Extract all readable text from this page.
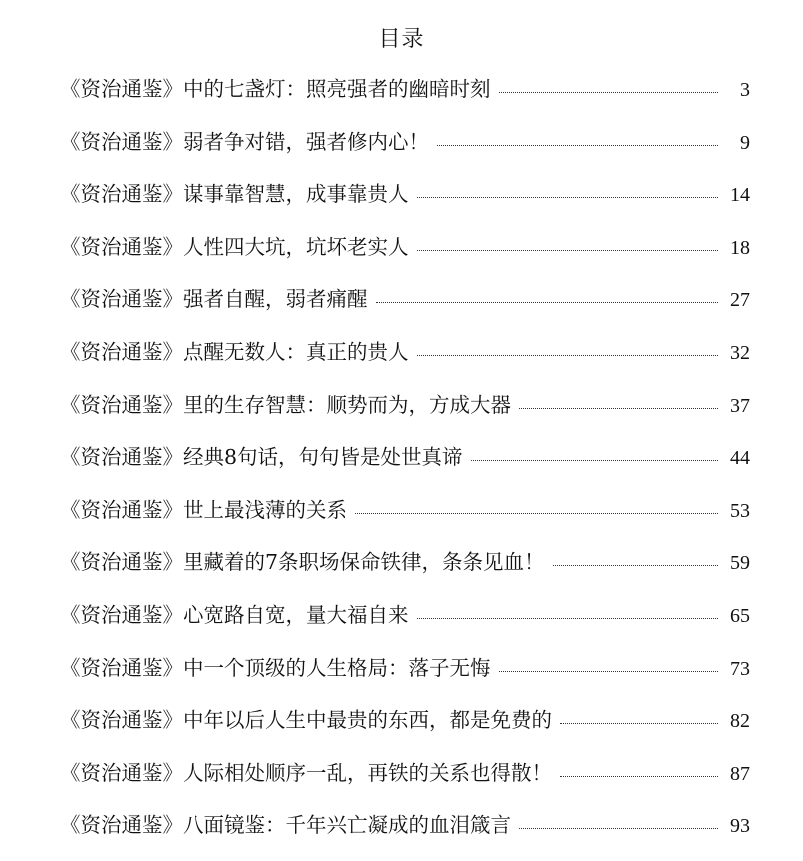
目录
《资治通鉴》中的七盏灯：照亮强者的幽暗时刻	3
《资治通鉴》弱者争对错，强者修内心！	9
《资治通鉴》谋事靠智慧，成事靠贵人	14
《资治通鉴》人性四大坑，坑坏老实人	18
《资治通鉴》强者自醒，弱者痛醒	27
《资治通鉴》点醒无数人：真正的贵人	32
《资治通鉴》里的生存智慧：顺势而为，方成大器	37
《资治通鉴》经典8句话，句句皆是处世真谛	44
《资治通鉴》世上最浅薄的关系	53
《资治通鉴》里藏着的7条职场保命铁律，条条见血！	59
《资治通鉴》心宽路自宽，量大福自来	65
《资治通鉴》中一个顶级的人生格局：落子无悔	73
《资治通鉴》中年以后人生中最贵的东西，都是免费的	82
《资治通鉴》人际相处顺序一乱，再铁的关系也得散！	87
《资治通鉴》八面镜鉴：千年兴亡凝成的血泪箴言	93
